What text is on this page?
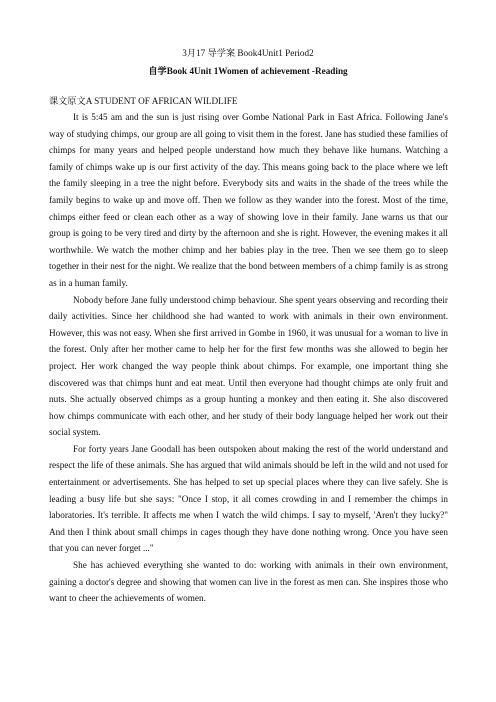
3月17 导学案 Book4Unit1 Period2
自学Book 4Unit 1Women of achievement -Reading
课文原文A STUDENT OF AFRICAN WILDLIFE

It is 5:45 am and the sun is just rising over Gombe National Park in East Africa. Following Jane's way of studying chimps, our group are all going to visit them in the forest. Jane has studied these families of chimps for many years and helped people understand how much they behave like humans. Watching a family of chimps wake up is our first activity of the day. This means going back to the place where we left the family sleeping in a tree the night before. Everybody sits and waits in the shade of the trees while the family begins to wake up and move off. Then we follow as they wander into the forest. Most of the time, chimps either feed or clean each other as a way of showing love in their family. Jane warns us that our group is going to be very tired and dirty by the afternoon and she is right. However, the evening makes it all worthwhile. We watch the mother chimp and her babies play in the tree. Then we see them go to sleep together in their nest for the night. We realize that the bond between members of a chimp family is as strong as in a human family.

Nobody before Jane fully understood chimp behaviour. She spent years observing and recording their daily activities. Since her childhood she had wanted to work with animals in their own environment. However, this was not easy. When she first arrived in Gombe in 1960, it was unusual for a woman to live in the forest. Only after her mother came to help her for the first few months was she allowed to begin her project. Her work changed the way people think about chimps. For example, one important thing she discovered was that chimps hunt and eat meat. Until then everyone had thought chimps ate only fruit and nuts. She actually observed chimps as a group hunting a monkey and then eating it. She also discovered how chimps communicate with each other, and her study of their body language helped her work out their social system.

For forty years Jane Goodall has been outspoken about making the rest of the world understand and respect the life of these animals. She has argued that wild animals should be left in the wild and not used for entertainment or advertisements. She has helped to set up special places where they can live safely. She is leading a busy life but she says: "Once I stop, it all comes crowding in and I remember the chimps in laboratories. It's terrible. It affects me when I watch the wild chimps. I say to myself, 'Aren't they lucky?" And then I think about small chimps in cages though they have done nothing wrong. Once you have seen that you can never forget ..."

She has achieved everything she wanted to do: working with animals in their own environment, gaining a doctor's degree and showing that women can live in the forest as men can. She inspires those who want to cheer the achievements of women.
